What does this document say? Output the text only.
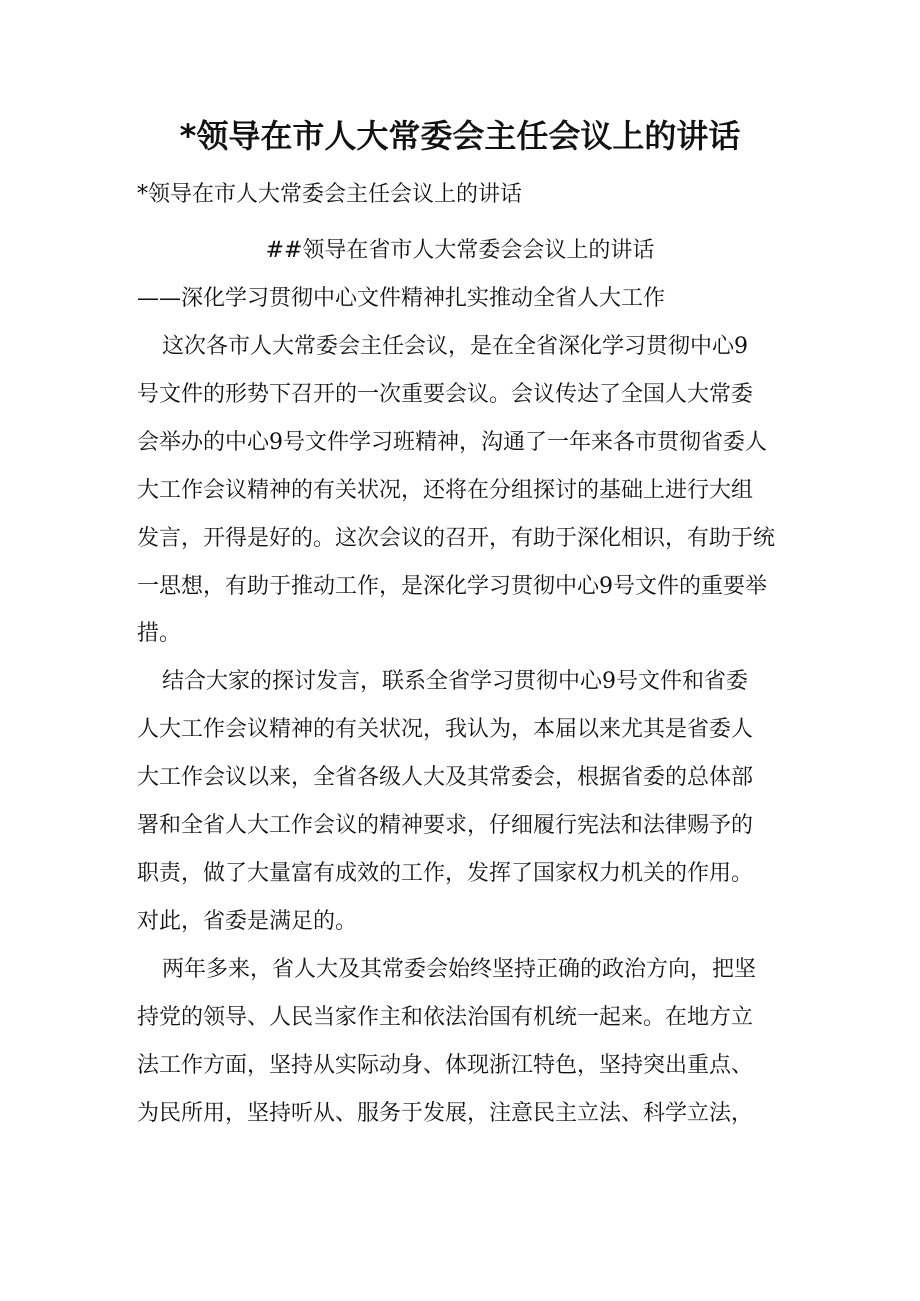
*领导在市人大常委会主任会议上的讲话
*领导在市人大常委会主任会议上的讲话
##领导在省市人大常委会会议上的讲话
——深化学习贯彻中心文件精神扎实推动全省人大工作
这次各市人大常委会主任会议，是在全省深化学习贯彻中心9
号文件的形势下召开的一次重要会议。会议传达了全国人大常委
会举办的中心9号文件学习班精神，沟通了一年来各市贯彻省委人
大工作会议精神的有关状况，还将在分组探讨的基础上进行大组
发言，开得是好的。这次会议的召开，有助于深化相识，有助于统
一思想，有助于推动工作，是深化学习贯彻中心9号文件的重要举
措。
结合大家的探讨发言，联系全省学习贯彻中心9号文件和省委
人大工作会议精神的有关状况，我认为，本届以来尤其是省委人
大工作会议以来，全省各级人大及其常委会，根据省委的总体部
署和全省人大工作会议的精神要求，仔细履行宪法和法律赐予的
职责，做了大量富有成效的工作，发挥了国家权力机关的作用。
对此，省委是满足的。
两年多来，省人大及其常委会始终坚持正确的政治方向，把坚
持党的领导、人民当家作主和依法治国有机统一起来。在地方立
法工作方面，坚持从实际动身、体现浙江特色，坚持突出重点、
为民所用，坚持听从、服务于发展，注意民主立法、科学立法，
